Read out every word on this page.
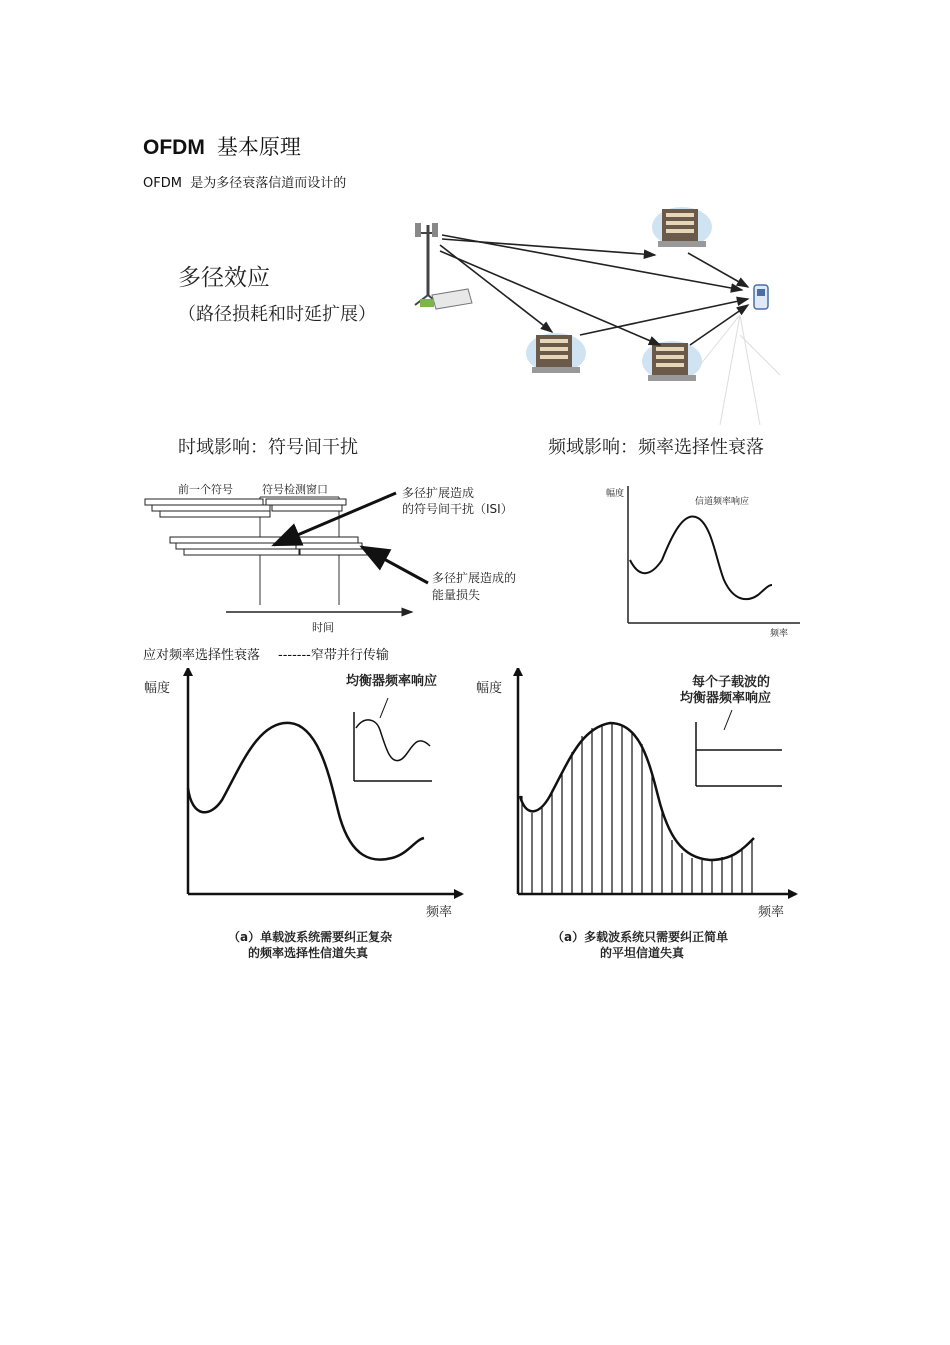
OFDM 基本原理
OFDM 是为多径衰落信道而设计的
多径效应
（路径损耗和时延扩展）
时域影响：符号间干扰	频域影响：频率选择性衰落
前一个符号	符号检测窗口	多径扩展造成
的符号间干扰（ISI）
多径扩展造成的
能量损失
时间
幅度
信道频率响应
频率
应对频率选择性衰落 -------窄带并行传输
幅度	均衡器频率响应
频率
（a）单载波系统需要纠正复杂
的频率选择性信道失真
幅度	每个子载波的
均衡器频率响应
频率
（a）多载波系统只需要纠正简单
的平坦信道失真
